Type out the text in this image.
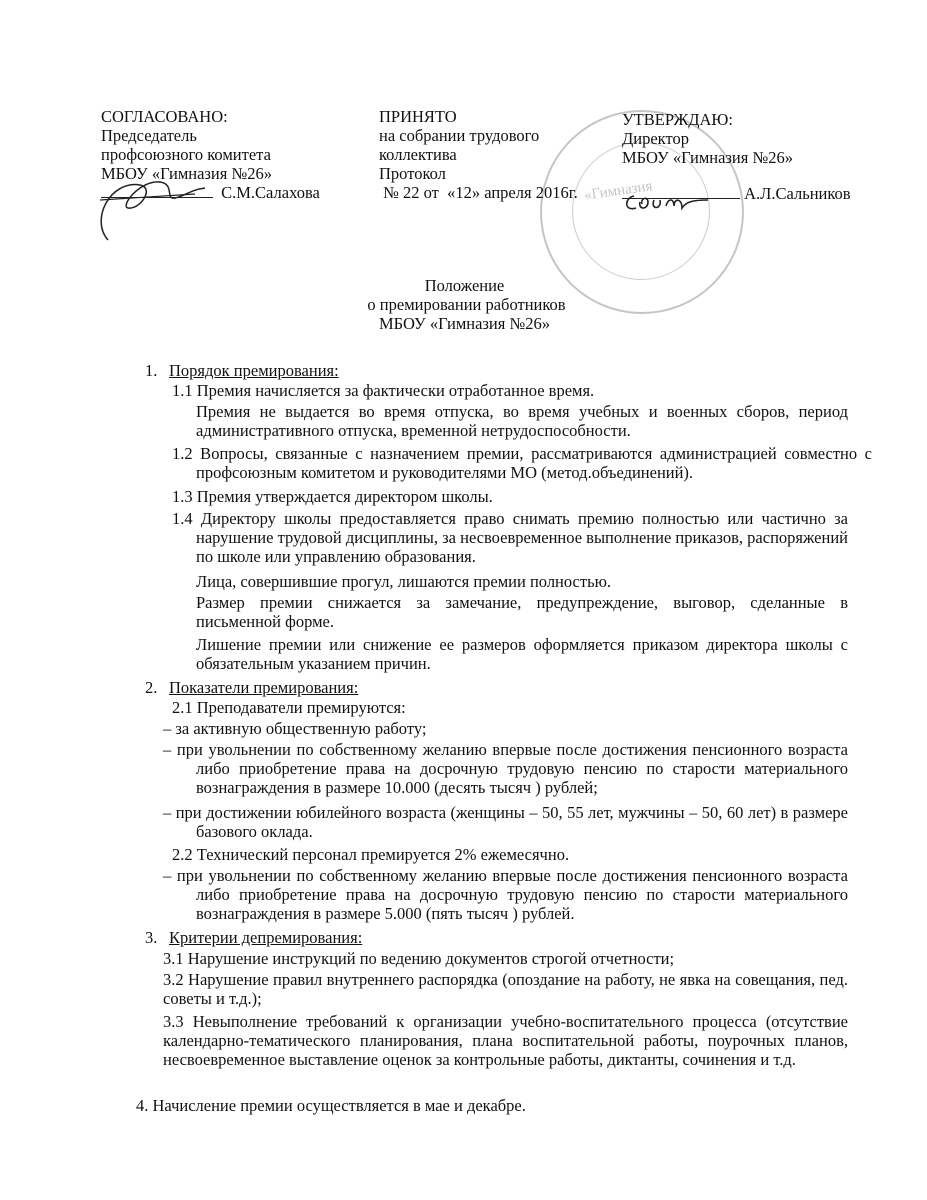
СОГЛАСОВАНО:
Председатель
профсоюзного комитета
МБОУ «Гимназия №26»
С.М.Салахова
ПРИНЯТО
на собрании трудового
коллектива
Протокол
№ 22 от  «12» апреля 2016г. «Гимназия
УТВЕРЖДАЮ:
Директор
МБОУ «Гимназия №26»
А.Л.Сальников
Положение
о премировании работников
МБОУ «Гимназия №26»
1. Порядок премирования:
1.1 Премия начисляется за фактически отработанное время.
Премия не выдается во время отпуска, во время учебных и военных сборов, период административного отпуска, временной нетрудоспособности.
1.2 Вопросы, связанные с назначением премии, рассматриваются администрацией совместно с профсоюзным комитетом и руководителями МО (метод.объединений).
1.3 Премия утверждается директором школы.
1.4 Директору школы предоставляется право снимать премию полностью или частично за нарушение трудовой дисциплины, за несвоевременное выполнение приказов, распоряжений по школе или управлению образования.
Лица, совершившие прогул, лишаются премии полностью.
Размер премии снижается за замечание, предупреждение, выговор, сделанные в письменной форме.
Лишение премии или снижение ее размеров оформляется приказом директора школы с обязательным указанием причин.
2. Показатели премирования:
2.1 Преподаватели премируются:
– за активную общественную работу;
– при увольнении по собственному желанию впервые после достижения пенсионного возраста либо приобретение права на досрочную трудовую пенсию по старости материального вознаграждения в размере 10.000 (десять тысяч ) рублей;
– при достижении юбилейного возраста (женщины – 50, 55 лет, мужчины – 50, 60 лет) в размере базового оклада.
2.2 Технический персонал премируется 2% ежемесячно.
– при увольнении по собственному желанию впервые после достижения пенсионного возраста либо приобретение права на досрочную трудовую пенсию по старости материального вознаграждения в размере 5.000 (пять тысяч ) рублей.
3. Критерии депремирования:
3.1 Нарушение инструкций по ведению документов строгой отчетности;
3.2 Нарушение правил внутреннего распорядка (опоздание на работу, не явка на совещания, пед. советы и т.д.);
3.3 Невыполнение требований к организации учебно-воспитательного процесса (отсутствие календарно-тематического планирования, плана воспитательной работы, поурочных планов, несвоевременное выставление оценок за контрольные работы, диктанты, сочинения и т.д.
4. Начисление премии осуществляется в мае и декабре.
